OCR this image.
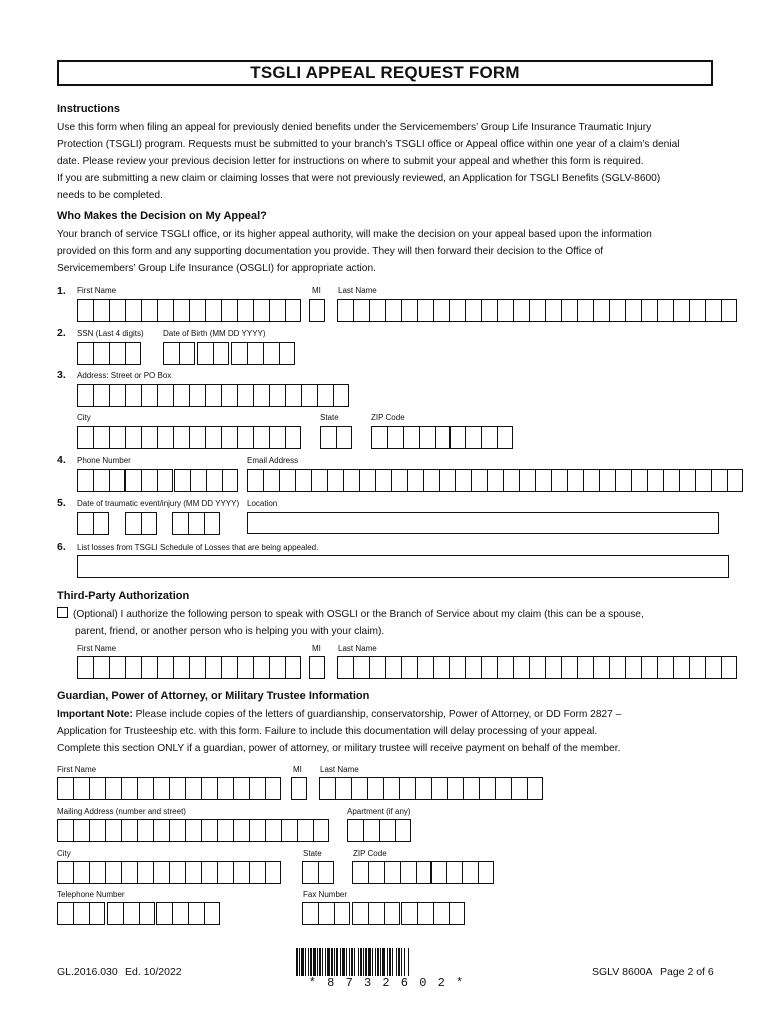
TSGLI APPEAL REQUEST FORM
Instructions
Use this form when filing an appeal for previously denied benefits under the Servicemembers’ Group Life Insurance Traumatic Injury
Protection (TSGLI) program. Requests must be submitted to your branch’s TSGLI office or Appeal office within one year of a claim’s denial
date. Please review your previous decision letter for instructions on where to submit your appeal and whether this form is required.
If you are submitting a new claim or claiming losses that were not previously reviewed, an Application for TSGLI Benefits (SGLV-8600)
needs to be completed.
Who Makes the Decision on My Appeal?
Your branch of service TSGLI office, or its higher appeal authority, will make the decision on your appeal based upon the information
provided on this form and any supporting documentation you provide. They will then forward their decision to the Office of
Servicemembers’ Group Life Insurance (OSGLI) for appropriate action.
1. First Name	MI Last Name
2. SSN (Last 4 digits) Date of Birth (MM DD YYYY)
3. Address: Street or PO Box
City	State	ZIP Code
4. Phone Number	Email Address
5. Date of traumatic event/injury (MM DD YYYY) Location
6. List losses from TSGLI Schedule of Losses that are being appealed.
Third-Party Authorization
(Optional) I authorize the following person to speak with OSGLI or the Branch of Service about my claim (this can be a spouse,
parent, friend, or another person who is helping you with your claim).
First Name	MI Last Name
Guardian, Power of Attorney, or Military Trustee Information
Important Note: Please include copies of the letters of guardianship, conservatorship, Power of Attorney, or DD Form 2827 –
Application for Trusteeship etc. with this form. Failure to include this documentation will delay processing of your appeal.
Complete this section ONLY if a guardian, power of attorney, or military trustee will receive payment on behalf of the member.
First Name	MI Last Name
Mailing Address (number and street)	Apartment (if any)
City	State	ZIP Code
Telephone Number	Fax Number
GL.2016.030 Ed. 10/2022
* 8 7 3 2 6 0 2 *
SGLV 8600A Page 2 of 6
